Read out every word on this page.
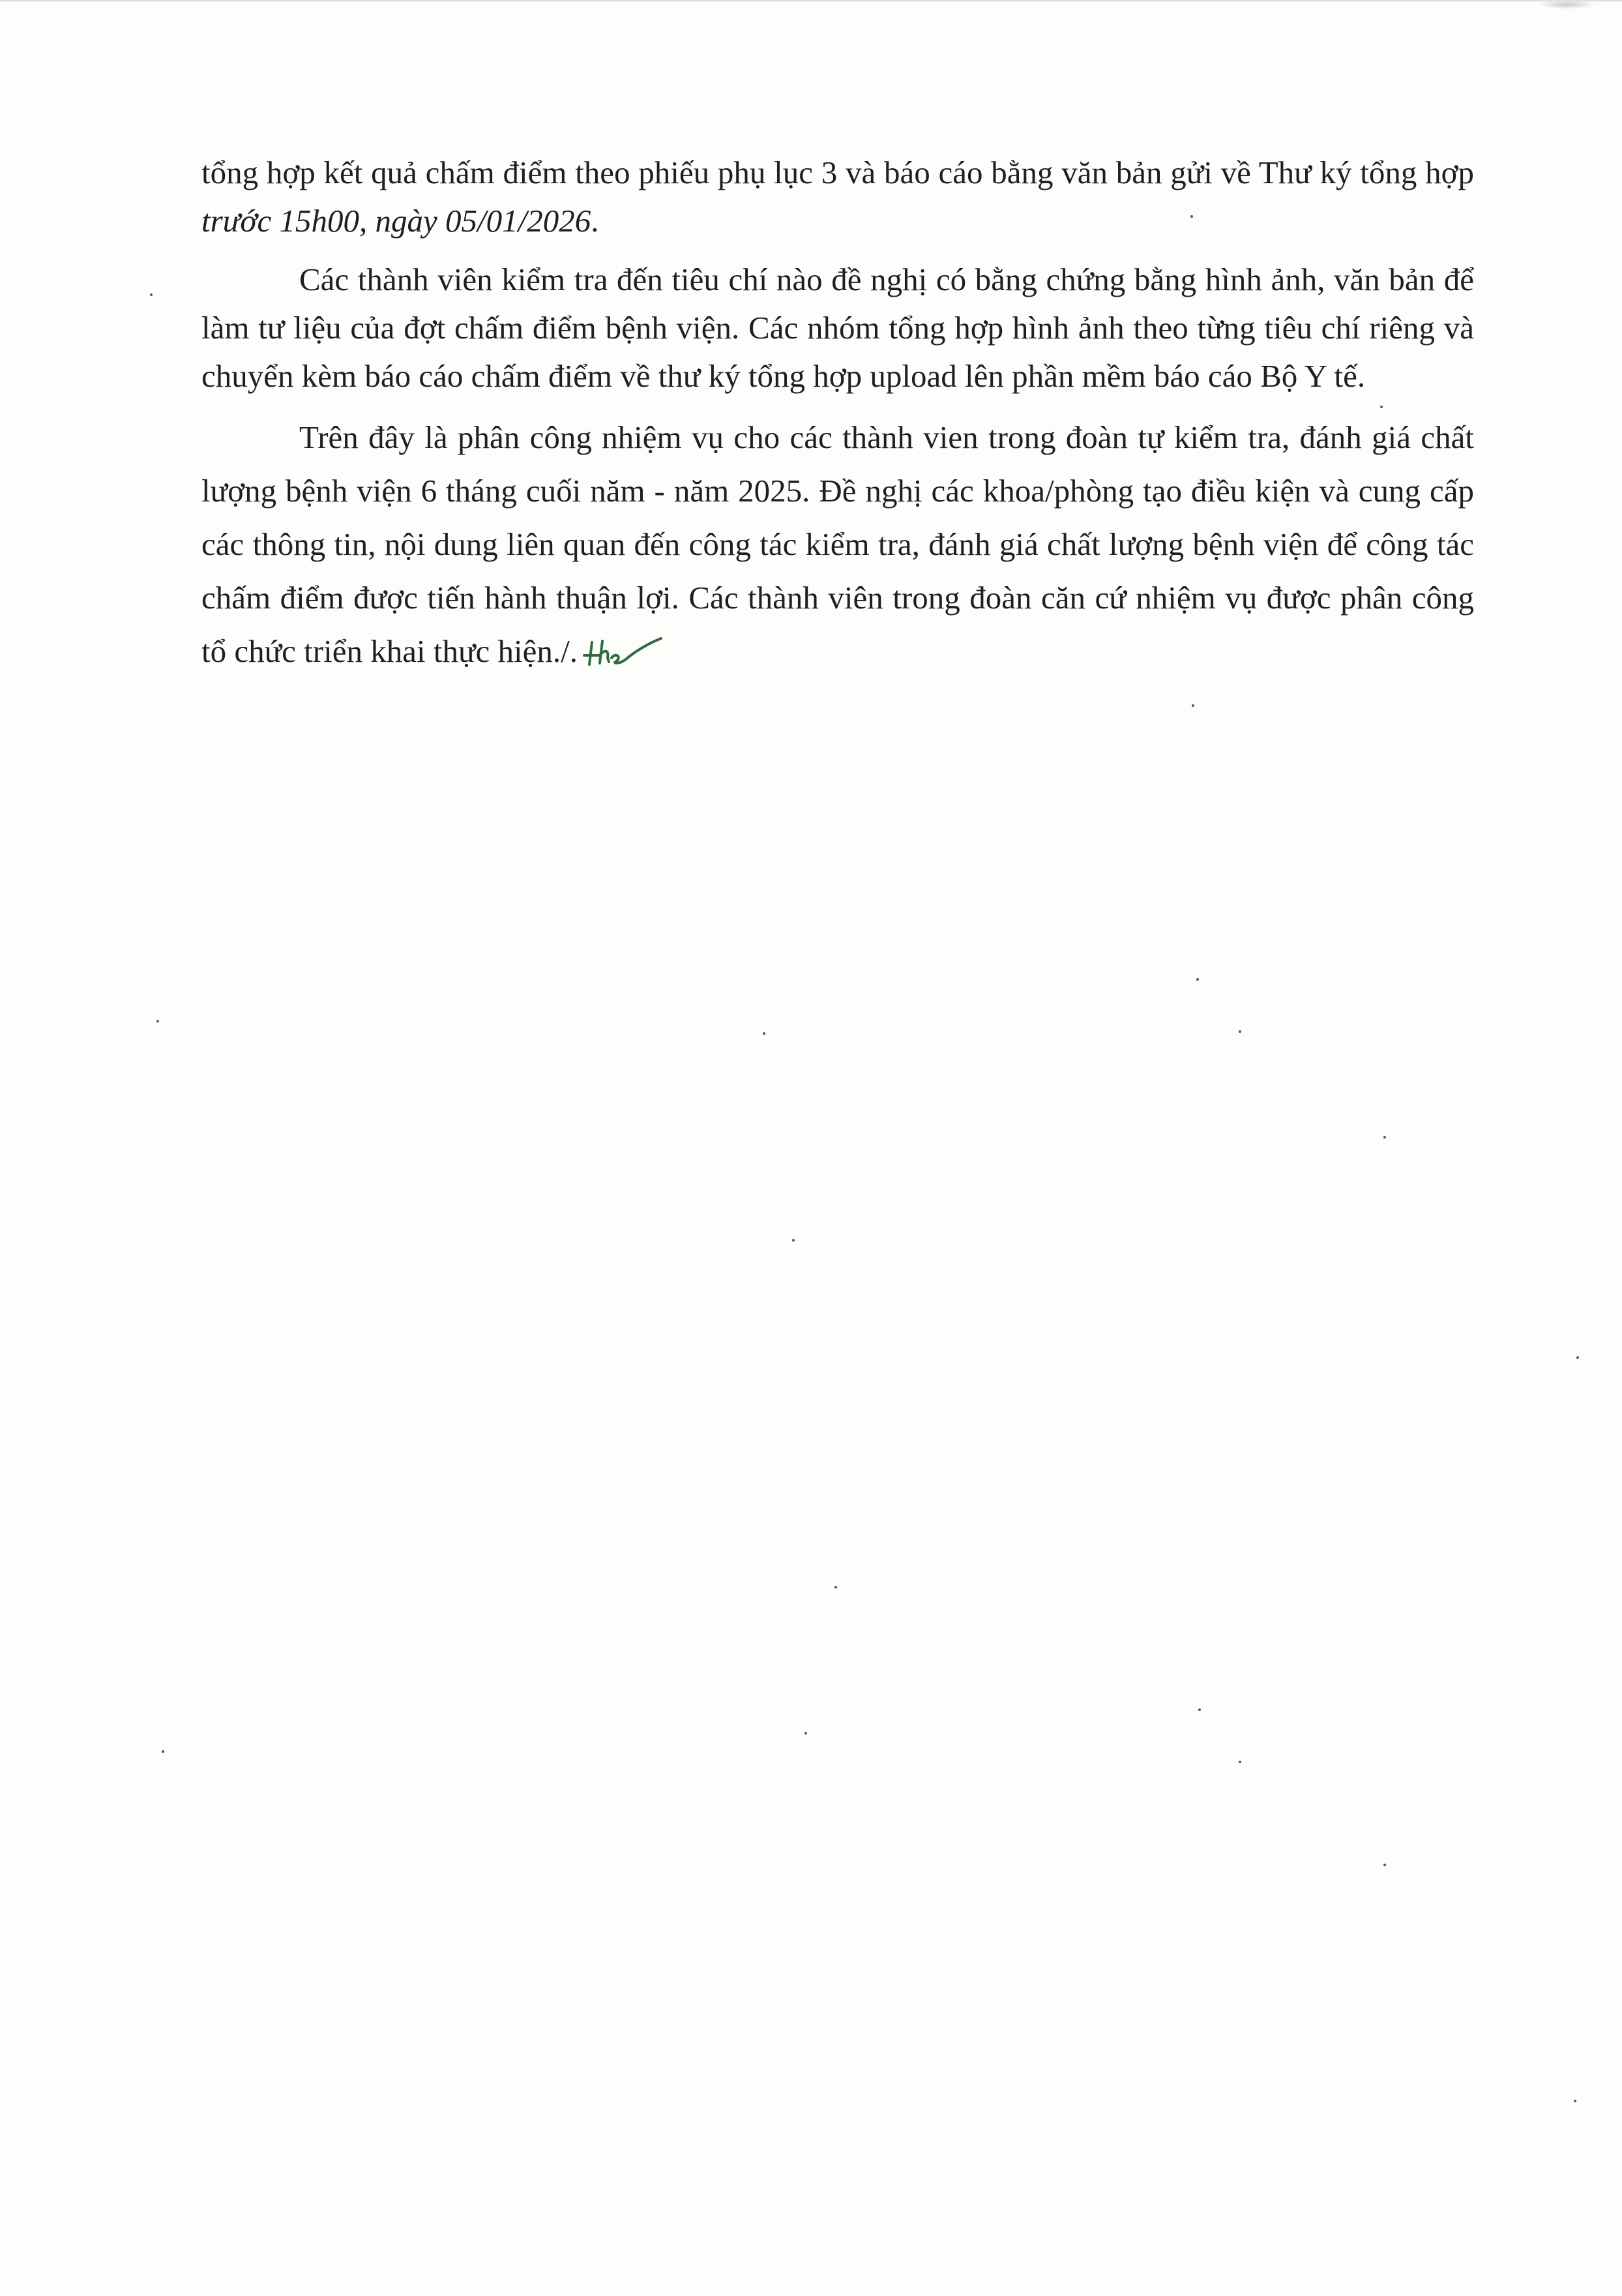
tổng hợp kết quả chấm điểm theo phiếu phụ lục 3 và báo cáo bằng văn bản gửi về Thư ký tổng hợp trước 15h00, ngày 05/01/2026.

Các thành viên kiểm tra đến tiêu chí nào đề nghị có bằng chứng bằng hình ảnh, văn bản để làm tư liệu của đợt chấm điểm bệnh viện. Các nhóm tổng hợp hình ảnh theo từng tiêu chí riêng và chuyển kèm báo cáo chấm điểm về thư ký tổng hợp upload lên phần mềm báo cáo Bộ Y tế.

Trên đây là phân công nhiệm vụ cho các thành vien trong đoàn tự kiểm tra, đánh giá chất lượng bệnh viện 6 tháng cuối năm - năm 2025. Đề nghị các khoa/phòng tạo điều kiện và cung cấp các thông tin, nội dung liên quan đến công tác kiểm tra, đánh giá chất lượng bệnh viện để công tác chấm điểm được tiến hành thuận lợi. Các thành viên trong đoàn căn cứ nhiệm vụ được phân công tổ chức triển khai thực hiện./.
